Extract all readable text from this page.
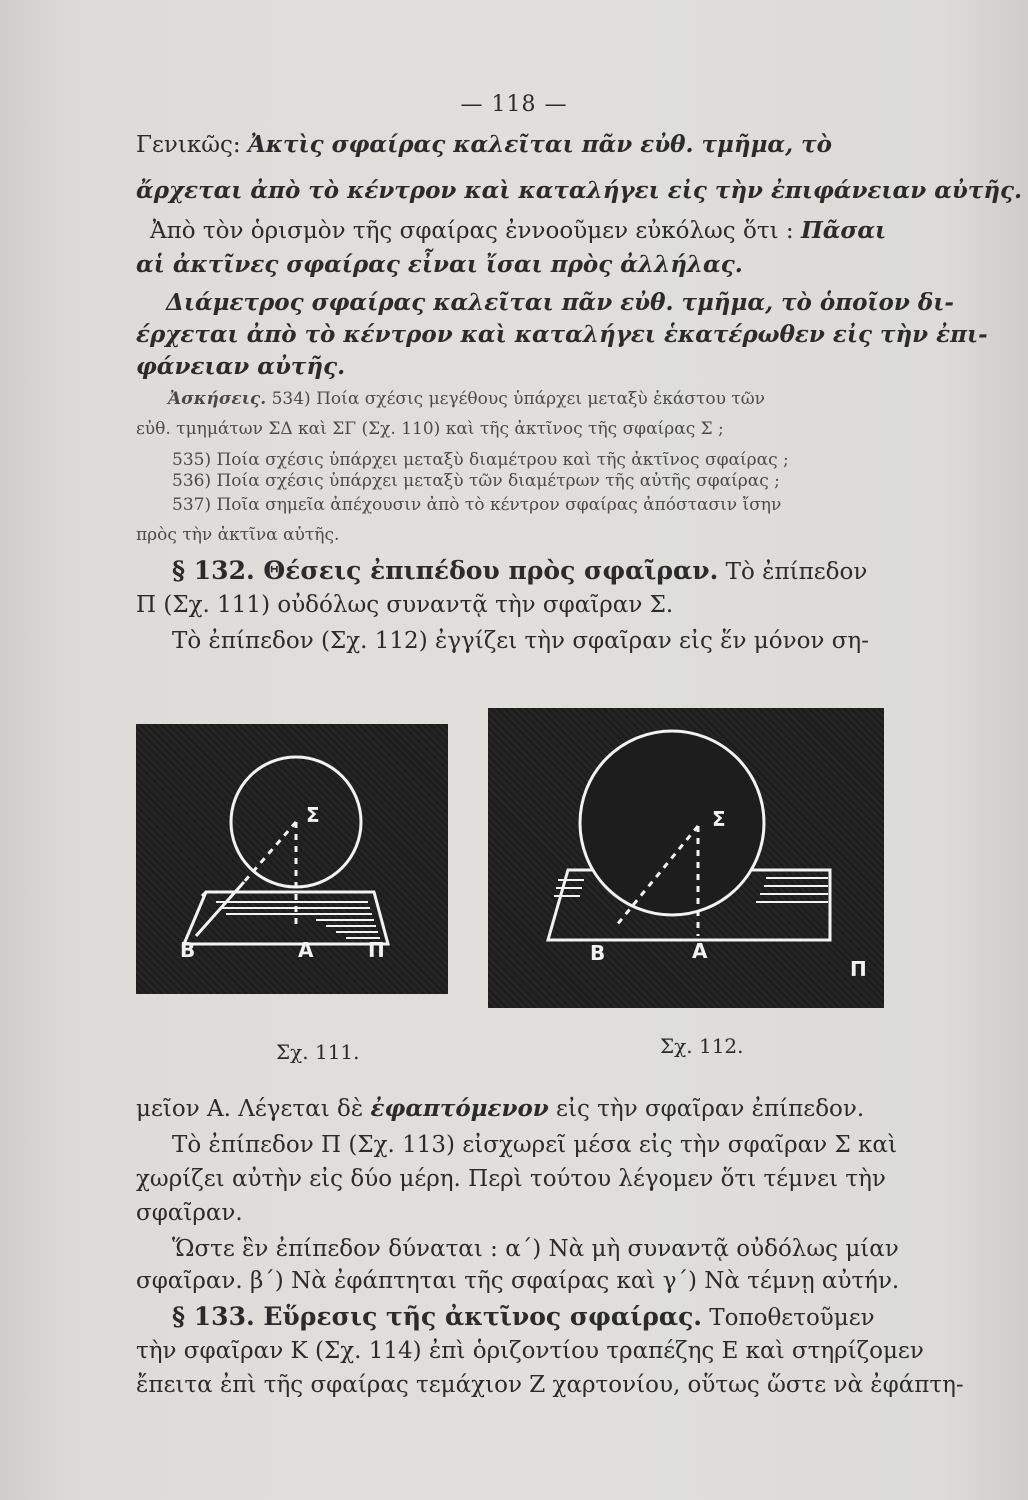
— 118 —
Γενικῶς: Ἀκτὶς σφαίρας καλεῖται πᾶν εὐθ. τμῆμα, τὸ
ἄρχεται ἀπὸ τὸ κέντρον καὶ καταλήγει εἰς τὴν ἐπιφάνειαν αὐτῆς.
Ἀπὸ τὸν ὁρισμὸν τῆς σφαίρας ἐννοοῦμεν εὐκόλως ὅτι : Πᾶσαι
αἱ ἀκτῖνες σφαίρας εἶναι ἴσαι πρὸς ἀλλήλας.
Διάμετρος σφαίρας καλεῖται πᾶν εὐθ. τμῆμα, τὸ ὁποῖον δι-
έρχεται ἀπὸ τὸ κέντρον καὶ καταλήγει ἑκατέρωθεν εἰς τὴν ἐπι-
φάνειαν αὐτῆς.
Ἀσκήσεις. 534) Ποία σχέσις μεγέθους ὑπάρχει μεταξὺ ἑκάστου τῶν
εὐθ. τμημάτων ΣΔ καὶ ΣΓ (Σχ. 110) καὶ τῆς ἀκτῖνος τῆς σφαίρας Σ ;
535) Ποία σχέσις ὑπάρχει μεταξὺ διαμέτρου καὶ τῆς ἀκτῖνος σφαίρας ;
536) Ποία σχέσις ὑπάρχει μεταξὺ τῶν διαμέτρων τῆς αὐτῆς σφαίρας ;
537) Ποῖα σημεῖα ἀπέχουσιν ἀπὸ τὸ κέντρον σφαίρας ἀπόστασιν ἴσην
πρὸς τὴν ἀκτῖνα αὐτῆς.
§ 132. Θέσεις ἐπιπέδου πρὸς σφαῖραν. Τὸ ἐπίπεδον
Π (Σχ. 111) οὐδόλως συναντᾷ τὴν σφαῖραν Σ.
Τὸ ἐπίπεδον (Σχ. 112) ἐγγίζει τὴν σφαῖραν εἰς ἕν μόνον ση-
Σ
B	A	Π
Σ
B	A
Π
Σχ. 111.	Σχ. 112.
μεῖον Α. Λέγεται δὲ ἐφαπτόμενον εἰς τὴν σφαῖραν ἐπίπεδον.
Τὸ ἐπίπεδον Π (Σχ. 113) εἰσχωρεῖ μέσα εἰς τὴν σφαῖραν Σ καὶ
χωρίζει αὐτὴν εἰς δύο μέρη. Περὶ τούτου λέγομεν ὅτι τέμνει τὴν
σφαῖραν.
Ὥστε ἓν ἐπίπεδον δύναται : α΄) Νὰ μὴ συναντᾷ οὐδόλως μίαν
σφαῖραν. β΄) Νὰ ἐφάπτηται τῆς σφαίρας καὶ γ΄) Νὰ τέμνῃ αὐτήν.
§ 133. Εὕρεσις τῆς ἀκτῖνος σφαίρας. Τοποθετοῦμεν
τὴν σφαῖραν Κ (Σχ. 114) ἐπὶ ὁριζοντίου τραπέζης Ε καὶ στηρίζομεν
ἔπειτα ἐπὶ τῆς σφαίρας τεμάχιον Ζ χαρτονίου, οὕτως ὥστε νὰ ἐφάπτη-
